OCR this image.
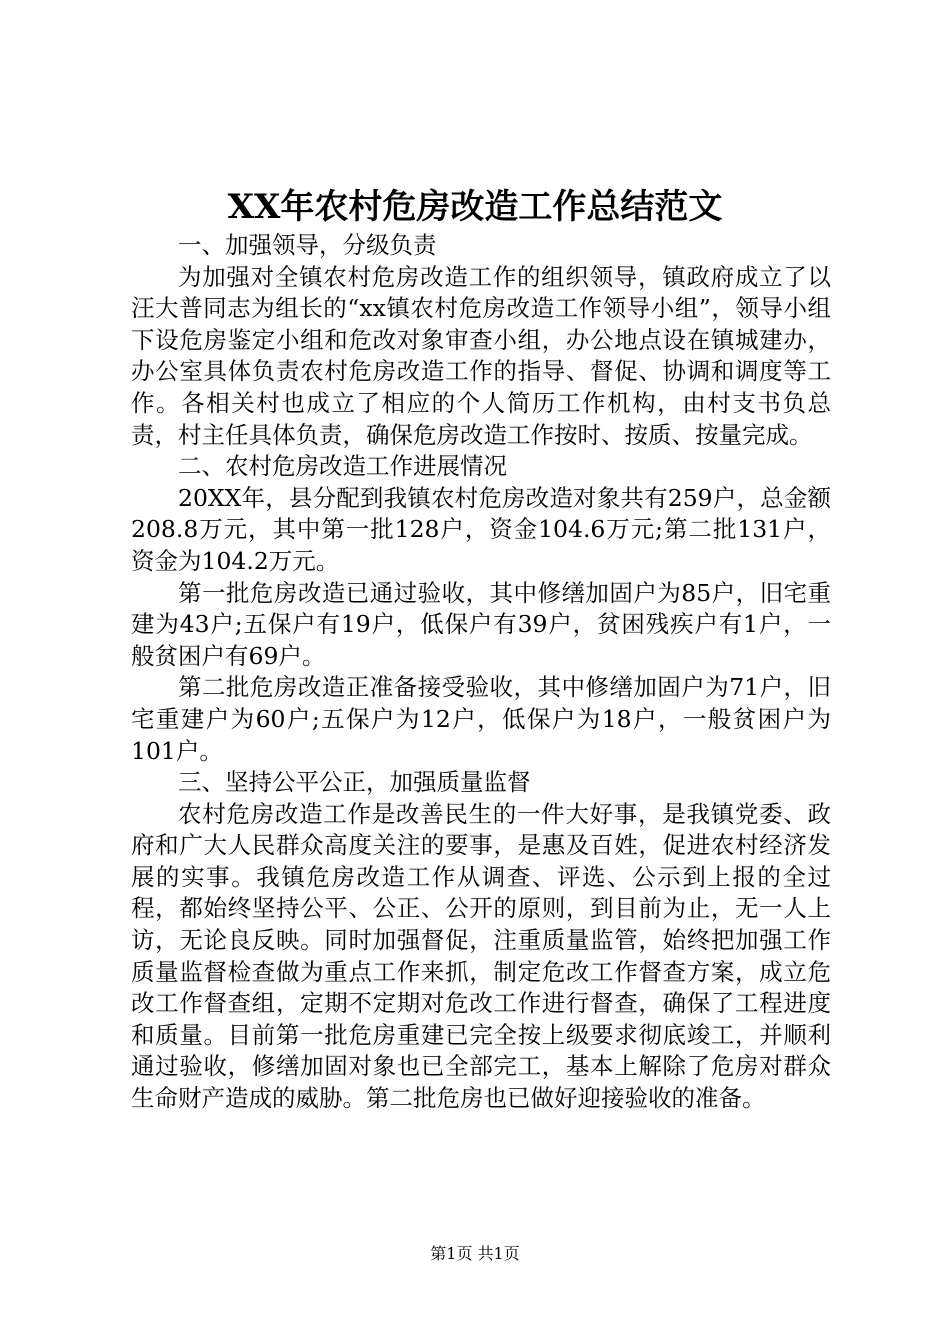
XX年农村危房改造工作总结范文

一、加强领导，分级负责

为加强对全镇农村危房改造工作的组织领导，镇政府成立了以汪大普同志为组长的“xx镇农村危房改造工作领导小组”，领导小组下设危房鉴定小组和危改对象审查小组，办公地点设在镇城建办，办公室具体负责农村危房改造工作的指导、督促、协调和调度等工作。各相关村也成立了相应的个人简历工作机构，由村支书负总责，村主任具体负责，确保危房改造工作按时、按质、按量完成。

二、农村危房改造工作进展情况

20XX年，县分配到我镇农村危房改造对象共有259户，总金额208.8万元，其中第一批128户，资金104.6万元;第二批131户，资金为104.2万元。

第一批危房改造已通过验收，其中修缮加固户为85户，旧宅重建为43户;五保户有19户，低保户有39户，贫困残疾户有1户，一般贫困户有69户。

第二批危房改造正准备接受验收，其中修缮加固户为71户，旧宅重建户为60户;五保户为12户，低保户为18户，一般贫困户为101户。

三、坚持公平公正，加强质量监督

农村危房改造工作是改善民生的一件大好事，是我镇党委、政府和广大人民群众高度关注的要事，是惠及百姓，促进农村经济发展的实事。我镇危房改造工作从调查、评选、公示到上报的全过程，都始终坚持公平、公正、公开的原则，到目前为止，无一人上访，无论良反映。同时加强督促，注重质量监管，始终把加强工作质量监督检查做为重点工作来抓，制定危改工作督查方案，成立危改工作督查组，定期不定期对危改工作进行督查，确保了工程进度和质量。目前第一批危房重建已完全按上级要求彻底竣工，并顺利通过验收，修缮加固对象也已全部完工，基本上解除了危房对群众生命财产造成的威胁。第二批危房也已做好迎接验收的准备。

第1页 共1页
